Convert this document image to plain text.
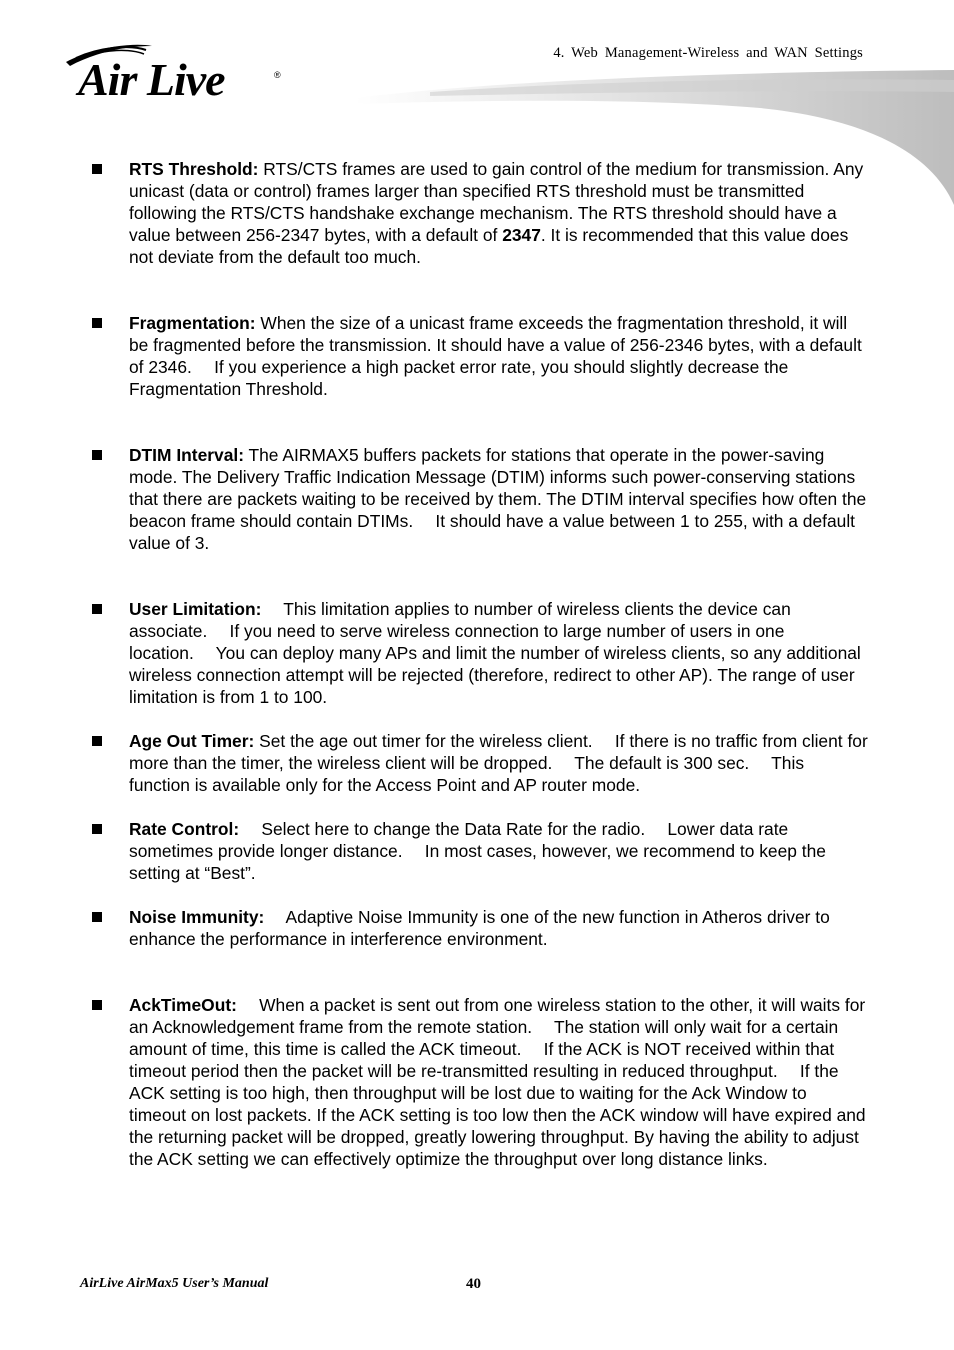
4. Web Management-Wireless and WAN Settings
Air Live	®
RTS Threshold: RTS/CTS frames are used to gain control of the medium for transmission. Any unicast (data or control) frames larger than specified RTS threshold must be transmitted following the RTS/CTS handshake exchange mechanism. The RTS threshold should have a value between 256-2347 bytes, with a default of 2347. It is recommended that this value does not deviate from the default too much.
Fragmentation: When the size of a unicast frame exceeds the fragmentation threshold, it will be fragmented before the transmission. It should have a value of 256-2346 bytes, with a default of 2346.  If you experience a high packet error rate, you should slightly decrease the Fragmentation Threshold.
DTIM Interval: The AIRMAX5 buffers packets for stations that operate in the power-saving mode. The Delivery Traffic Indication Message (DTIM) informs such power-conserving stations that there are packets waiting to be received by them. The DTIM interval specifies how often the beacon frame should contain DTIMs.  It should have a value between 1 to 255, with a default value of 3.
User Limitation:  This limitation applies to number of wireless clients the device can associate.  If you need to serve wireless connection to large number of users in one location.  You can deploy many APs and limit the number of wireless clients, so any additional wireless connection attempt will be rejected (therefore, redirect to other AP). The range of user limitation is from 1 to 100.
Age Out Timer: Set the age out timer for the wireless client.  If there is no traffic from client for more than the timer, the wireless client will be dropped.  The default is 300 sec.  This function is available only for the Access Point and AP router mode.
Rate Control:  Select here to change the Data Rate for the radio.  Lower data rate sometimes provide longer distance.  In most cases, however, we recommend to keep the setting at “Best”.
Noise Immunity:  Adaptive Noise Immunity is one of the new function in Atheros driver to enhance the performance in interference environment.
AckTimeOut:  When a packet is sent out from one wireless station to the other, it will waits for an Acknowledgement frame from the remote station.  The station will only wait for a certain amount of time, this time is called the ACK timeout.  If the ACK is NOT received within that timeout period then the packet will be re-transmitted resulting in reduced throughput.  If the ACK setting is too high, then throughput will be lost due to waiting for the Ack Window to timeout on lost packets. If the ACK setting is too low then the ACK window will have expired and the returning packet will be dropped, greatly lowering throughput. By having the ability to adjust the ACK setting we can effectively optimize the throughput over long distance links.
AirLive AirMax5 User’s Manual	40
